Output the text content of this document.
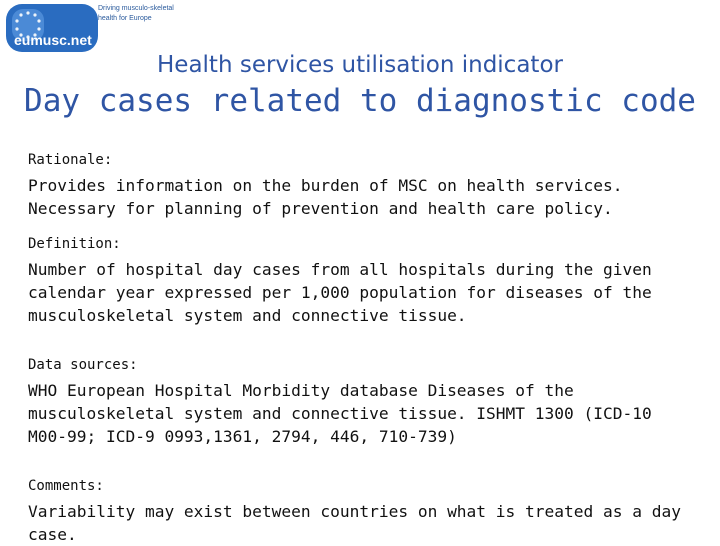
eumusc.net
Driving musculo-skeletal
health for Europe
Health services utilisation indicator
Day cases related to diagnostic code
Rationale:

Provides information on the burden of MSC on health services. Necessary for planning of prevention and health care policy.

Definition:

Number of hospital day cases from all hospitals during the given calendar year expressed per 1,000 population for diseases of the musculoskeletal system and connective tissue.

Data sources:

WHO European Hospital Morbidity database Diseases of the musculoskeletal system and connective tissue. ISHMT 1300 (ICD-10 M00-99; ICD-9 0993,1361, 2794, 446, 710-739)

Comments:

Variability may exist between countries on what is treated as a day case.
